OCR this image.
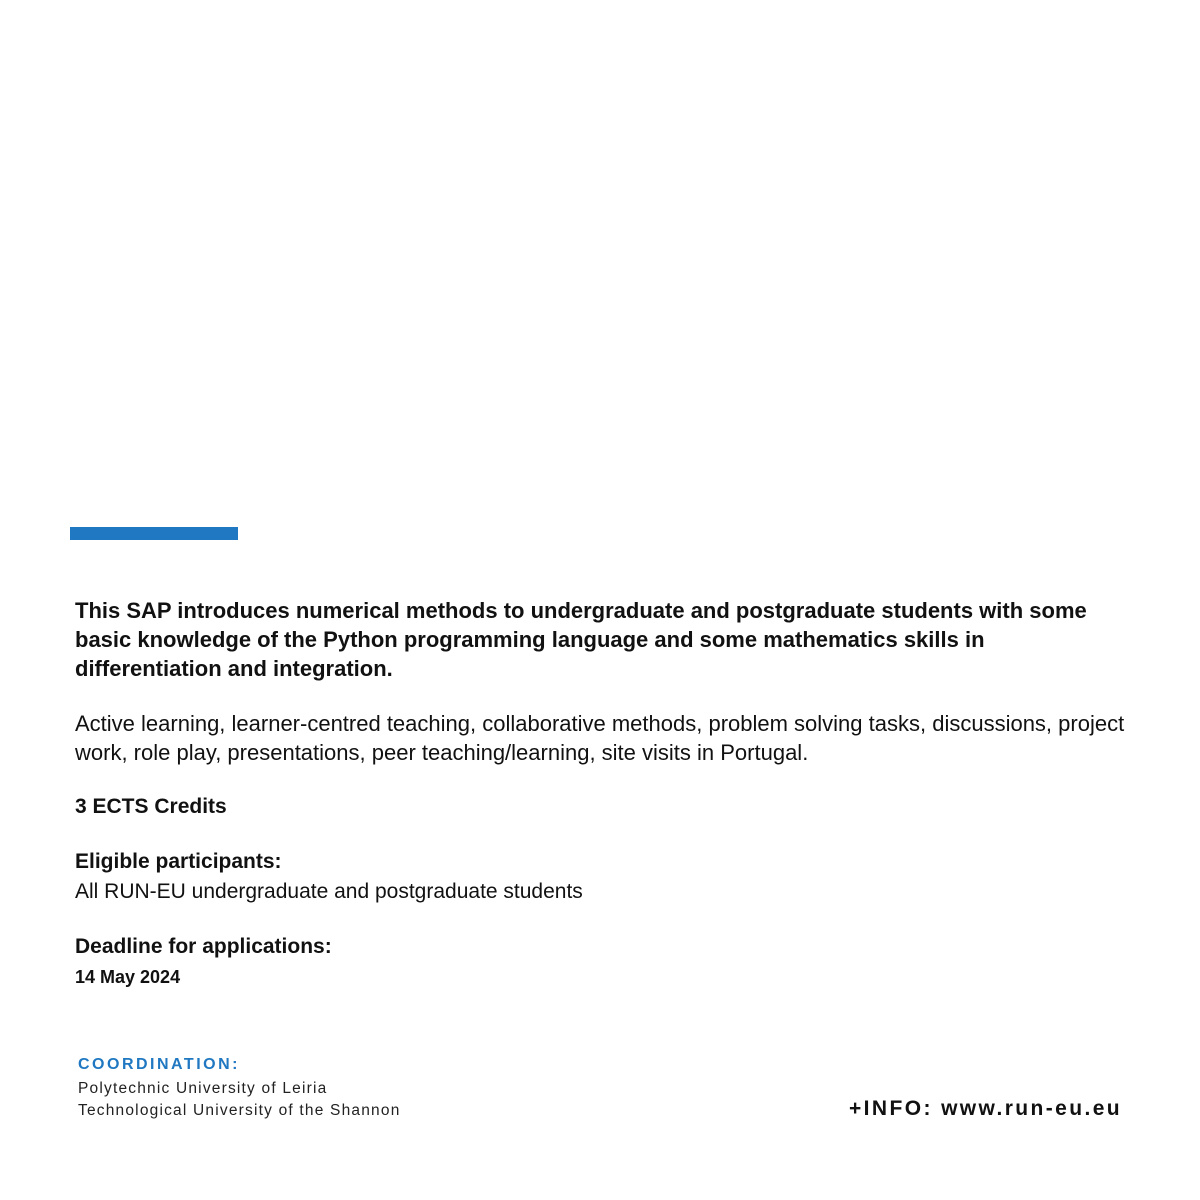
This SAP introduces numerical methods to undergraduate and postgraduate students with some basic knowledge of the Python programming language and some mathematics skills in differentiation and integration.

Active learning, learner-centred teaching, collaborative methods, problem solving tasks, discussions, project work, role play, presentations, peer teaching/learning, site visits in Portugal.

3 ECTS Credits

Eligible participants:

All RUN-EU undergraduate and postgraduate students

Deadline for applications:

14 May 2024

COORDINATION:

Polytechnic University of Leiria

Technological University of the Shannon	+INFO: www.run-eu.eu
